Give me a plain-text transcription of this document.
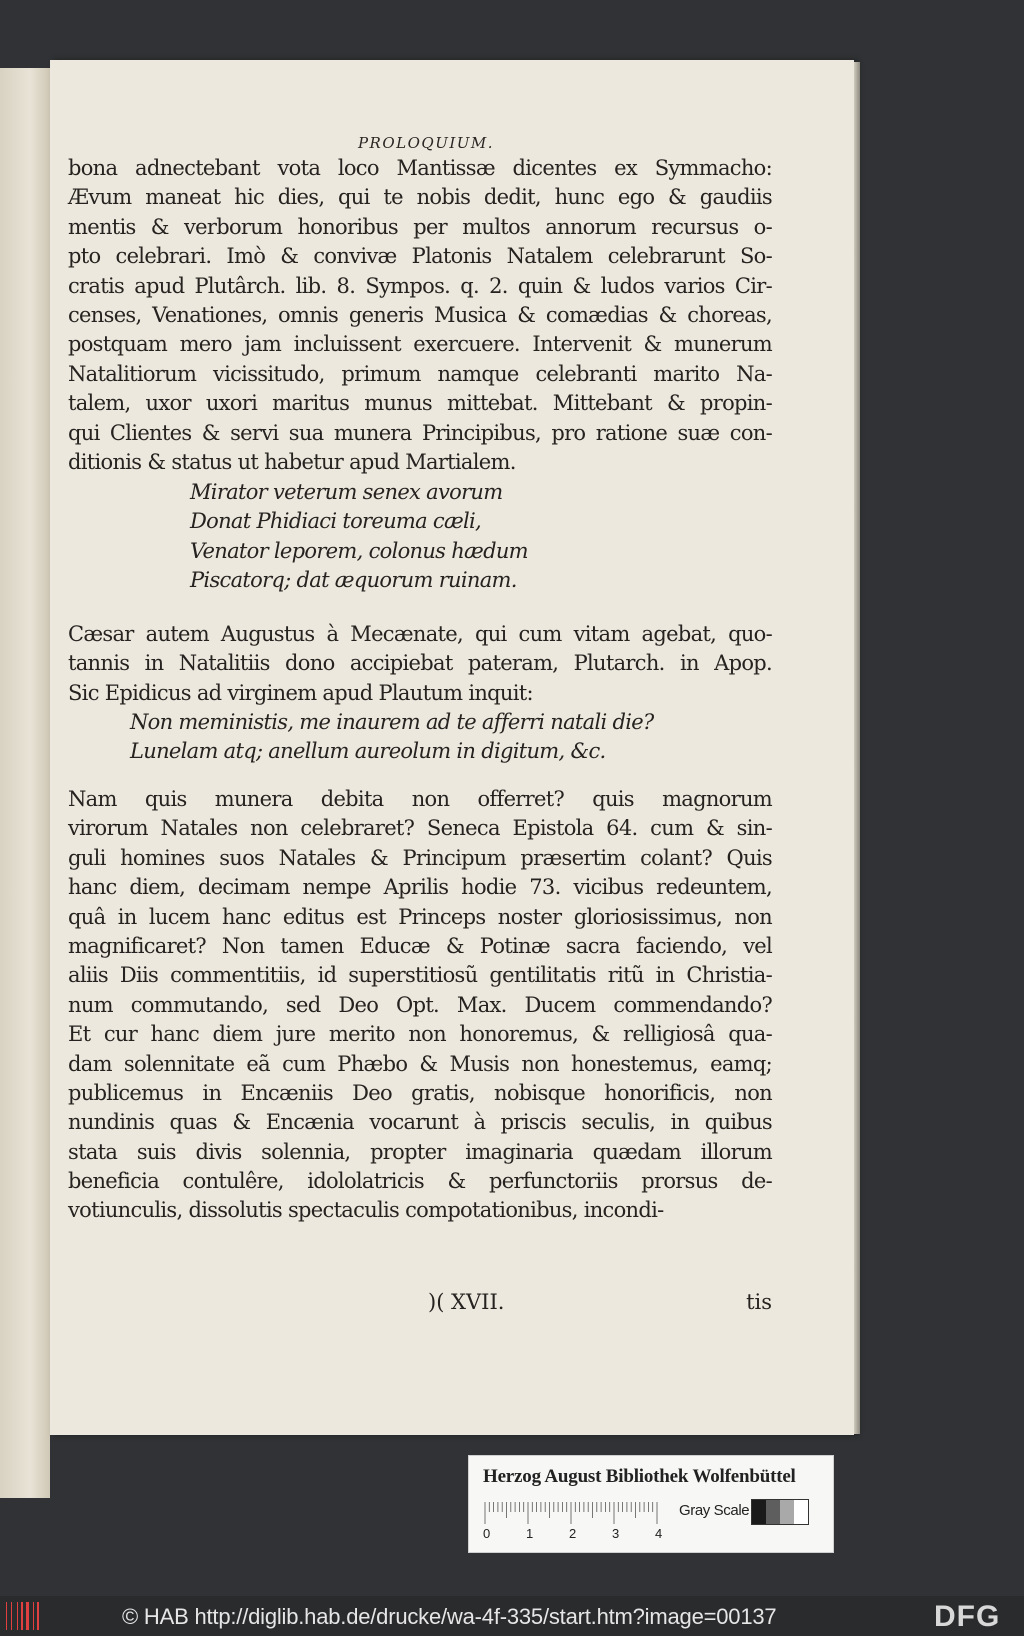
PROLOQUIUM.
bona adnectebant vota loco Mantissæ dicentes ex Symmacho:
Ævum maneat hic dies, qui te nobis dedit, hunc ego & gaudiis
mentis & verborum honoribus per multos annorum recursus o-
pto celebrari. Imò & convivæ Platonis Natalem celebrarunt So-
cratis apud Plutârch. lib. 8. Sympos. q. 2. quin & ludos varios Cir-
censes, Venationes, omnis generis Musica & comædias & choreas,
postquam mero jam incluissent exercuere. Intervenit & munerum
Natalitiorum vicissitudo, primum namque celebranti marito Na-
talem, uxor uxori maritus munus mittebat. Mittebant & propin-
qui Clientes & servi sua munera Principibus, pro ratione suæ con-
ditionis & status ut habetur apud Martialem.
Mirator veterum senex avorum
Donat Phidiaci toreuma cæli,
Venator leporem, colonus hædum
Piscatorq; dat æquorum ruinam.
Cæsar autem Augustus à Mecænate, qui cum vitam agebat, quo-
tannis in Natalitiis dono accipiebat pateram, Plutarch. in Apop.
Sic Epidicus ad virginem apud Plautum inquit:
Non meministis, me inaurem ad te afferri natali die?
Lunelam atq; anellum aureolum in digitum, &c.
Nam quis munera debita non offerret? quis magnorum
virorum Natales non celebraret? Seneca Epistola 64. cum & sin-
guli homines suos Natales & Principum præsertim colant? Quis
hanc diem, decimam nempe Aprilis hodie 73. vicibus redeuntem,
quâ in lucem hanc editus est Princeps noster gloriosissimus, non
magnificaret? Non tamen Educæ & Potinæ sacra faciendo, vel
aliis Diis commentitiis, id superstitiosũ gentilitatis ritũ in Christia-
num commutando, sed Deo Opt. Max. Ducem commendando?
Et cur hanc diem jure merito non honoremus, & relligiosâ qua-
dam solennitate eã cum Phæbo & Musis non honestemus, eamq;
publicemus in Encæniis Deo gratis, nobisque honorificis, non
nundinis quas & Encænia vocarunt à priscis seculis, in quibus
stata suis divis solennia, propter imaginaria quædam illorum
beneficia contulêre, idololatricis & perfunctoriis prorsus de-
votiunculis, dissolutis spectaculis compotationibus, incondi-
)( XVII.	tis
Herzog August Bibliothek Wolfenbüttel
0	1	2	3	4
Gray Scale
© HAB http://diglib.hab.de/drucke/wa-4f-335/start.htm?image=00137	DFG
